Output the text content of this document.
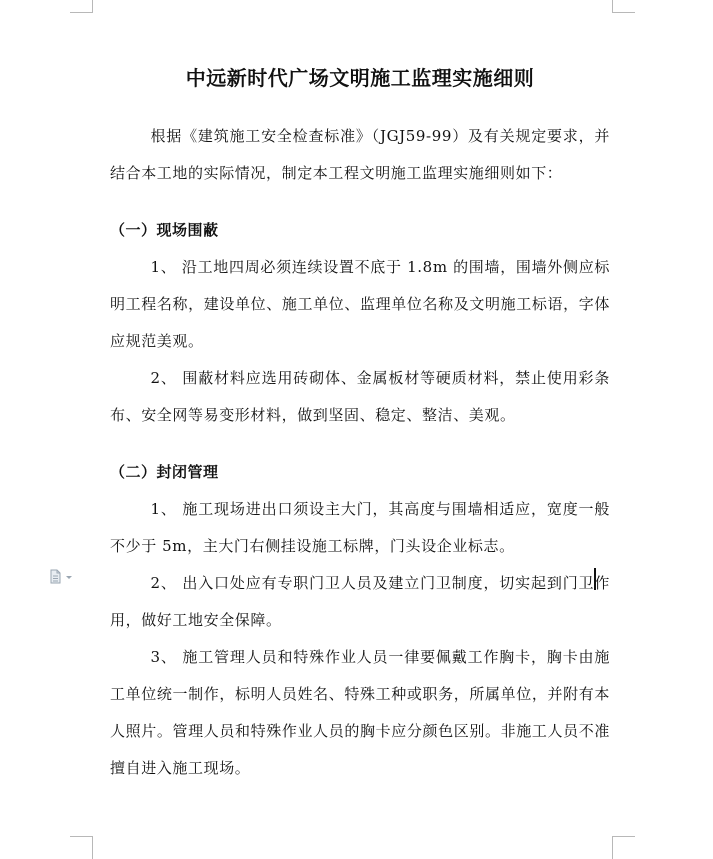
中远新时代广场文明施工监理实施细则

根据《建筑施工安全检查标准》（JGJ59-99）及有关规定要求，并结合本工地的实际情况，制定本工程文明施工监理实施细则如下：

（一）现场围蔽

1、 沿工地四周必须连续设置不底于 1.8m 的围墙，围墙外侧应标明工程名称，建设单位、施工单位、监理单位名称及文明施工标语，字体应规范美观。

2、 围蔽材料应选用砖砌体、金属板材等硬质材料，禁止使用彩条布、安全网等易变形材料，做到坚固、稳定、整洁、美观。

（二）封闭管理

1、 施工现场进出口须设主大门，其高度与围墙相适应，宽度一般不少于 5m，主大门右侧挂设施工标牌，门头设企业标志。

2、 出入口处应有专职门卫人员及建立门卫制度，切实起到门卫作用，做好工地安全保障。

3、 施工管理人员和特殊作业人员一律要佩戴工作胸卡，胸卡由施工单位统一制作，标明人员姓名、特殊工种或职务，所属单位，并附有本人照片。管理人员和特殊作业人员的胸卡应分颜色区别。非施工人员不准擅自进入施工现场。
